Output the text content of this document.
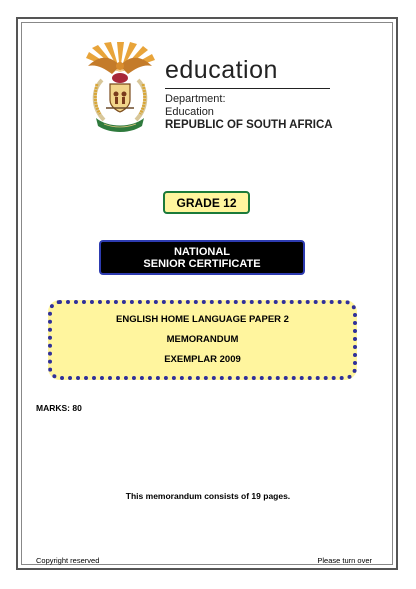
education
Department:
Education
REPUBLIC OF SOUTH AFRICA
GRADE 12
NATIONAL
SENIOR CERTIFICATE
ENGLISH HOME LANGUAGE PAPER 2
MEMORANDUM
EXEMPLAR 2009
MARKS: 80
This memorandum consists of 19 pages.
Copyright reserved	Please turn over
